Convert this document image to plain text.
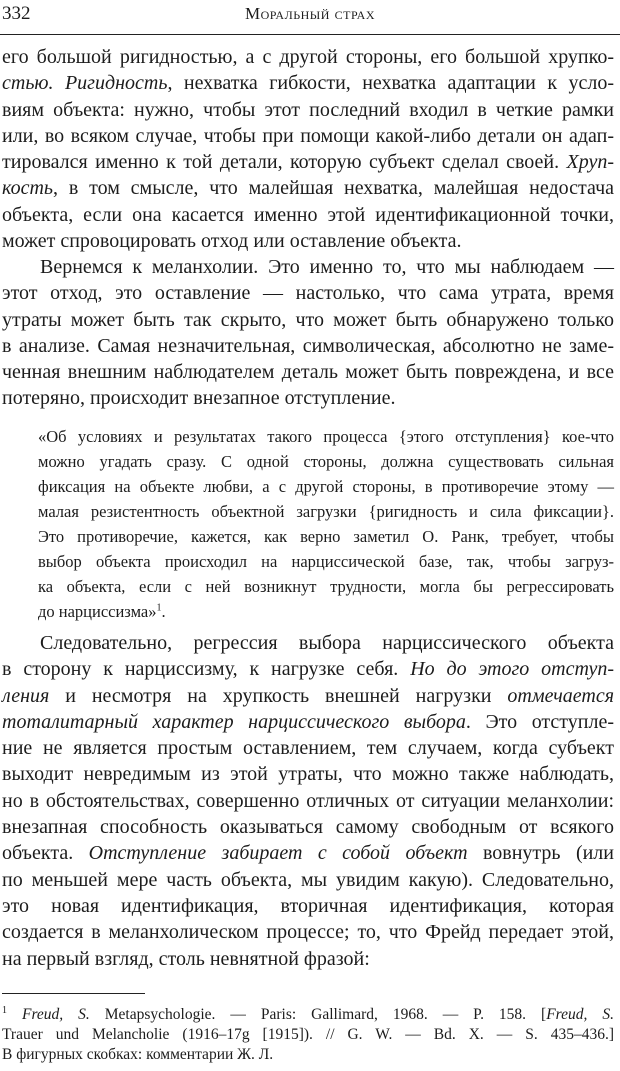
332	Моральный страх

его большой ригидностью, а с другой стороны, его большой хрупко-
стью. Ригидность, нехватка гибкости, нехватка адаптации к усло-
виям объекта: нужно, чтобы этот последний входил в четкие рамки
или, во всяком случае, чтобы при помощи какой-либо детали он адап-
тировался именно к той детали, которую субъект сделал своей. Хруп-
кость, в том смысле, что малейшая нехватка, малейшая недостача
объекта, если она касается именно этой идентификационной точки,
может спровоцировать отход или оставление объекта.

Вернемся к меланхолии. Это именно то, что мы наблюдаем —
этот отход, это оставление — настолько, что сама утрата, время
утраты может быть так скрыто, что может быть обнаружено только
в анализе. Самая незначительная, символическая, абсолютно не заме-
ченная внешним наблюдателем деталь может быть повреждена, и все
потеряно, происходит внезапное отступление.

«Об условиях и результатах такого процесса {этого отступления} кое-что
можно угадать сразу. С одной стороны, должна существовать сильная
фиксация на объекте любви, а с другой стороны, в противоречие этому —
малая резистентность объектной загрузки {ригидность и сила фиксации}.
Это противоречие, кажется, как верно заметил О. Ранк, требует, чтобы
выбор объекта происходил на нарциссической базе, так, чтобы загруз-
ка объекта, если с ней возникнут трудности, могла бы регрессировать
до нарциссизма»$^1$.

Следовательно, регрессия выбора нарциссического объекта
в сторону к нарциссизму, к нагрузке себя. Но до этого отступ-
ления и несмотря на хрупкость внешней нагрузки отмечается
тоталитарный характер нарциссического выбора. Это отступле-
ние не является простым оставлением, тем случаем, когда субъект
выходит невредимым из этой утраты, что можно также наблюдать,
но в обстоятельствах, совершенно отличных от ситуации меланхолии:
внезапная способность оказываться самому свободным от всякого
объекта. Отступление забирает с собой объект вовнутрь (или
по меньшей мере часть объекта, мы увидим какую). Следовательно,
это новая идентификация, вторичная идентификация, которая
создается в меланхолическом процессе; то, что Фрейд передает этой,
на первый взгляд, столь невнятной фразой:

$^1$ Freud, S. Metapsychologie. — Paris: Gallimard, 1968. — P. 158. [Freud, S.
Trauer und Melancholie (1916–17g [1915]). // G. W. — Bd. X. — S. 435–436.]
В фигурных скобках: комментарии Ж. Л.
